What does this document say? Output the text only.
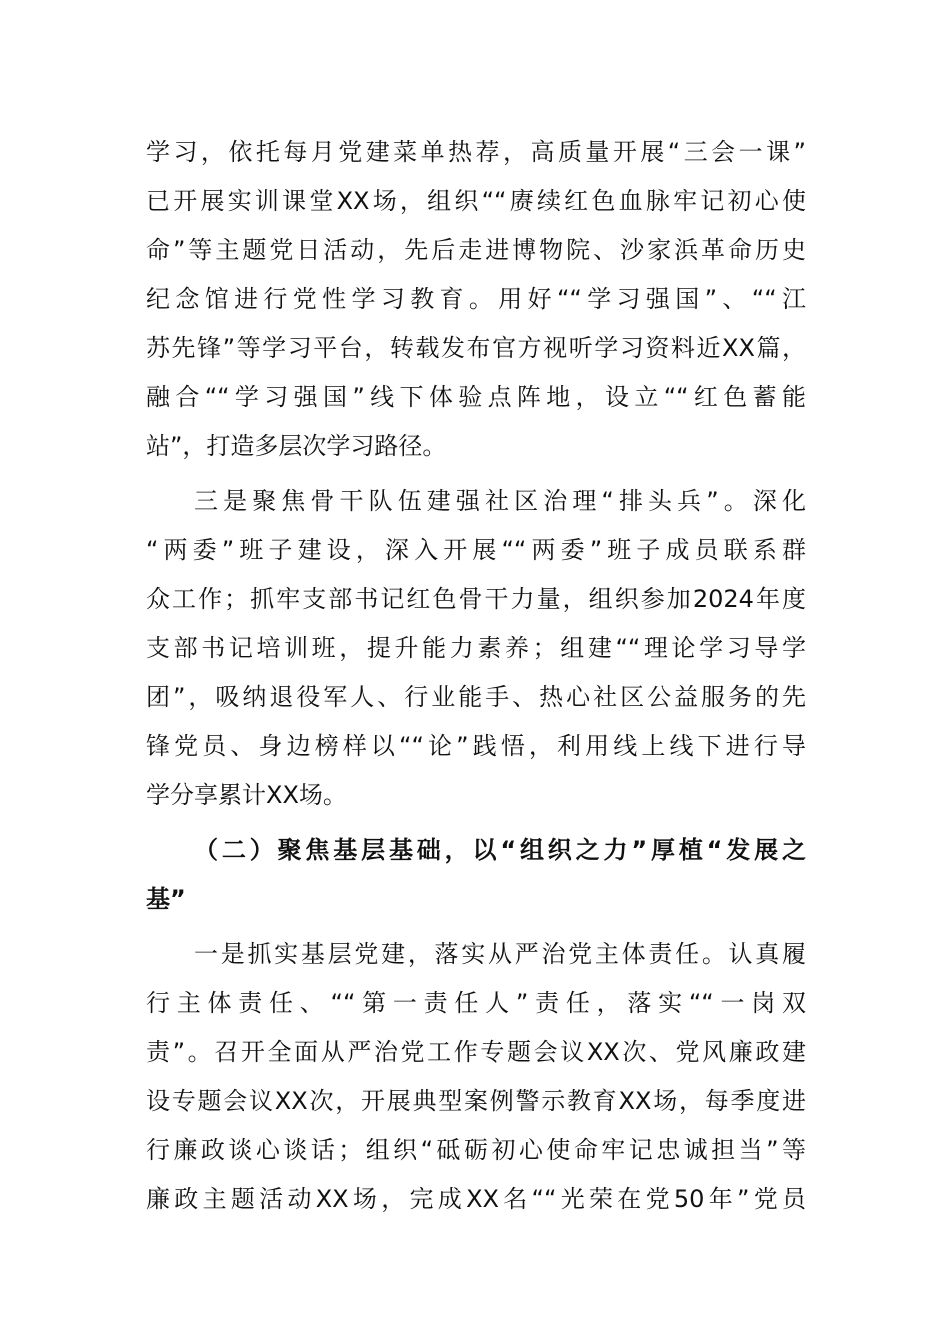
学习，依托每月党建菜单热荐，高质量开展“三会一课”
已开展实训课堂XX场，组织““赓续红色血脉牢记初心使
命”等主题党日活动，先后走进博物院、沙家浜革命历史
纪念馆进行党性学习教育。用好““学习强国”、““江
苏先锋”等学习平台，转载发布官方视听学习资料近XX篇，
融合““学习强国”线下体验点阵地，设立““红色蓄能
站”，打造多层次学习路径。
三是聚焦骨干队伍建强社区治理“排头兵”。深化
“两委”班子建设，深入开展““两委”班子成员联系群
众工作；抓牢支部书记红色骨干力量，组织参加2024年度
支部书记培训班，提升能力素养；组建““理论学习导学
团”，吸纳退役军人、行业能手、热心社区公益服务的先
锋党员、身边榜样以““论”践悟，利用线上线下进行导
学分享累计XX场。
（二）聚焦基层基础，以“组织之力”厚植“发展之
基”
一是抓实基层党建，落实从严治党主体责任。认真履
行主体责任、““第一责任人”责任，落实““一岗双
责”。召开全面从严治党工作专题会议XX次、党风廉政建
设专题会议XX次，开展典型案例警示教育XX场，每季度进
行廉政谈心谈话；组织“砥砺初心使命牢记忠诚担当”等
廉政主题活动XX场，完成XX名““光荣在党50年”党员
